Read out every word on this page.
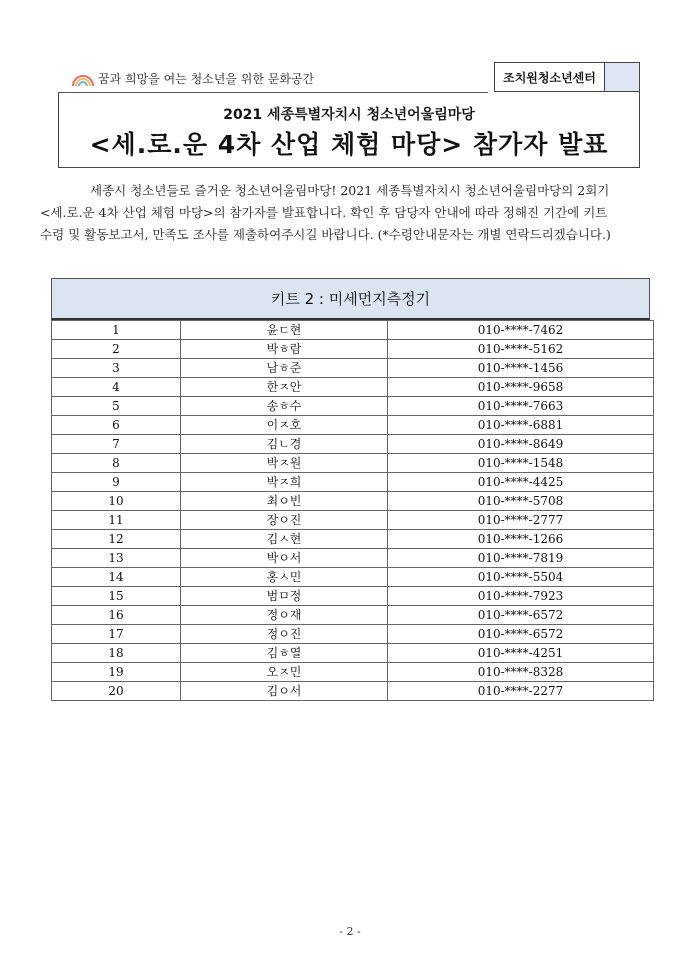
꿈과 희망을 여는 청소년을 위한 문화공간	조치원청소년센터
2021 세종특별자치시 청소년어울림마당
<세.로.운 4차 산업 체험 마당> 참가자 발표

세종시 청소년들로 즐거운 청소년어울림마당! 2021 세종특별자치시 청소년어울림마당의 2회기

<세.로.운 4차 산업 체험 마당>의 참가자를 발표합니다. 확인 후 담당자 안내에 따라 정해진 기간에 키트

수령 및 활동보고서, 만족도 조사를 제출하여주시길 바랍니다. (*수령안내문자는 개별 연락드리겠습니다.)

키트 2 : 미세먼지측정기
1	윤ㄷ현	010-****-7462
2	박ㅎ람	010-****-5162
3	남ㅎ준	010-****-1456
4	한ㅈ안	010-****-9658
5	송ㅎ수	010-****-7663
6	이ㅈ호	010-****-6881
7	김ㄴ경	010-****-8649
8	박ㅈ원	010-****-1548
9	박ㅈ희	010-****-4425
10	최ㅇ빈	010-****-5708
11	장ㅇ진	010-****-2777
12	김ㅅ현	010-****-1266
13	박ㅇ서	010-****-7819
14	홍ㅅ민	010-****-5504
15	범ㅁ정	010-****-7923
16	정ㅇ재	010-****-6572
17	정ㅇ진	010-****-6572
18	김ㅎ열	010-****-4251
19	오ㅈ민	010-****-8328
20	김ㅇ서	010-****-2277
- 2 -
